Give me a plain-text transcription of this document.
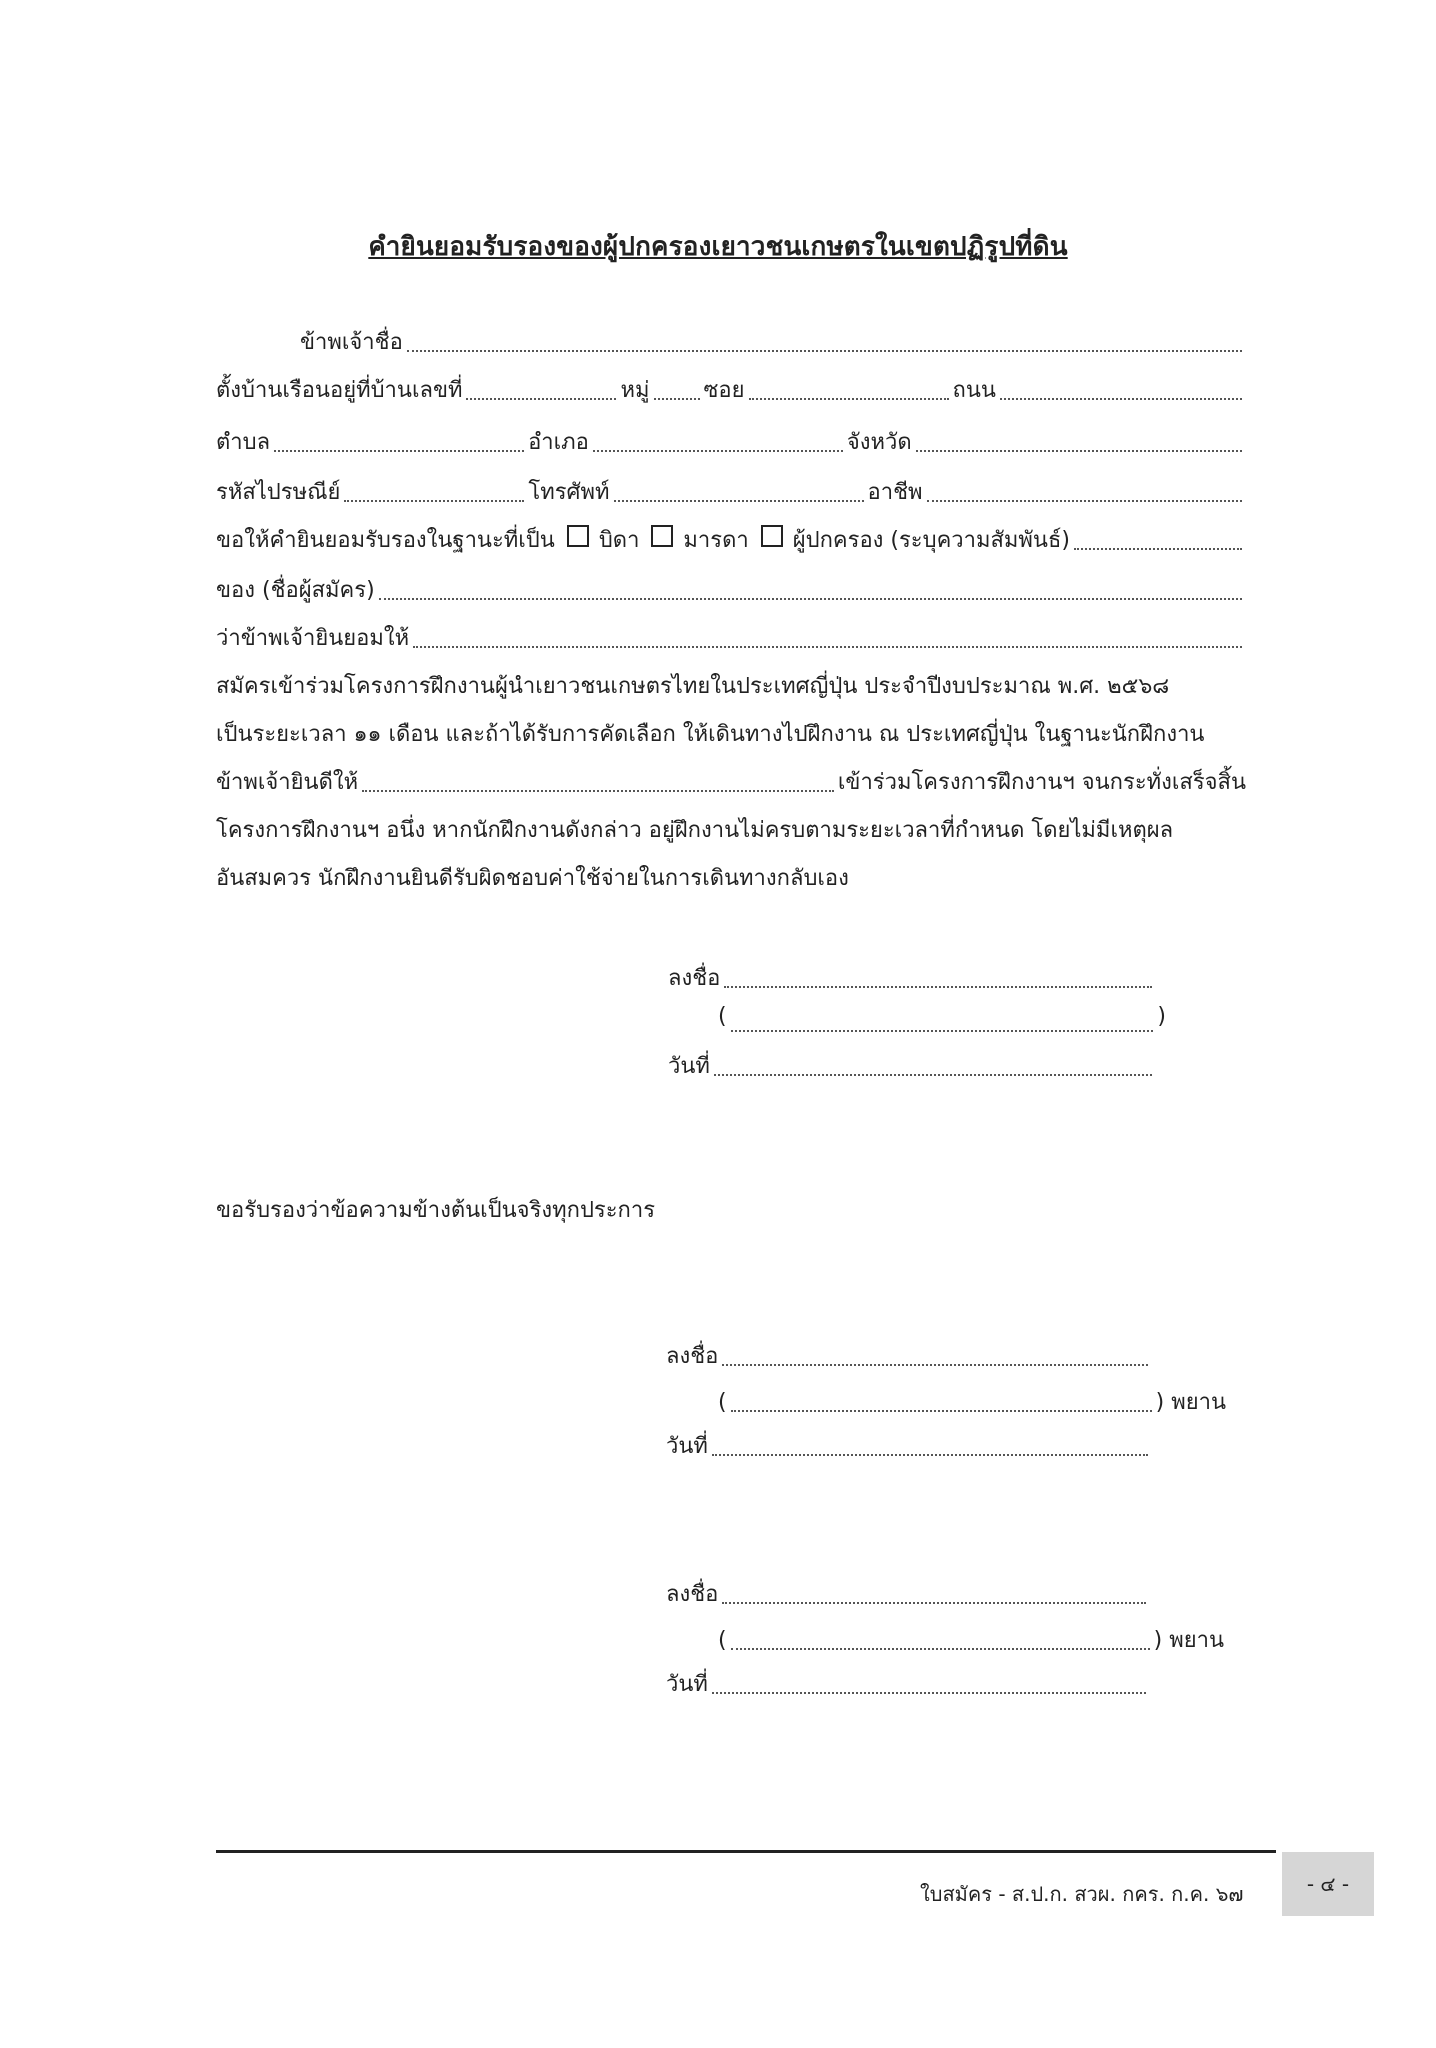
คำยินยอมรับรองของผู้ปกครองเยาวชนเกษตรในเขตปฏิรูปที่ดิน
ข้าพเจ้าชื่อ
ตั้งบ้านเรือนอยู่ที่บ้านเลขที่	หมู่ ซอย	ถนน
ตำบล	อำเภอ	จังหวัด
รหัสไปรษณีย์	โทรศัพท์	อาชีพ
ขอให้คำยินยอมรับรองในฐานะที่เป็น บิดา มารดา ผู้ปกครอง (ระบุความสัมพันธ์)
ของ (ชื่อผู้สมัคร)
ว่าข้าพเจ้ายินยอมให้
สมัครเข้าร่วมโครงการฝึกงานผู้นำเยาวชนเกษตรไทยในประเทศญี่ปุ่น ประจำปีงบประมาณ พ.ศ. ๒๕๖๘
เป็นระยะเวลา ๑๑ เดือน และถ้าได้รับการคัดเลือก ให้เดินทางไปฝึกงาน ณ ประเทศญี่ปุ่น ในฐานะนักฝึกงาน
ข้าพเจ้ายินดีให้	เข้าร่วมโครงการฝึกงานฯ จนกระทั่งเสร็จสิ้น
โครงการฝึกงานฯ อนึ่ง หากนักฝึกงานดังกล่าว อยู่ฝึกงานไม่ครบตามระยะเวลาที่กำหนด โดยไม่มีเหตุผล
อันสมควร นักฝึกงานยินดีรับผิดชอบค่าใช้จ่ายในการเดินทางกลับเอง
ลงชื่อ
(	)
วันที่
ขอรับรองว่าข้อความข้างต้นเป็นจริงทุกประการ
ลงชื่อ
(	) พยาน
วันที่
ลงชื่อ
(	) พยาน
วันที่
ใบสมัคร - ส.ป.ก. สวผ. กคร. ก.ค. ๖๗	- ๔ -
